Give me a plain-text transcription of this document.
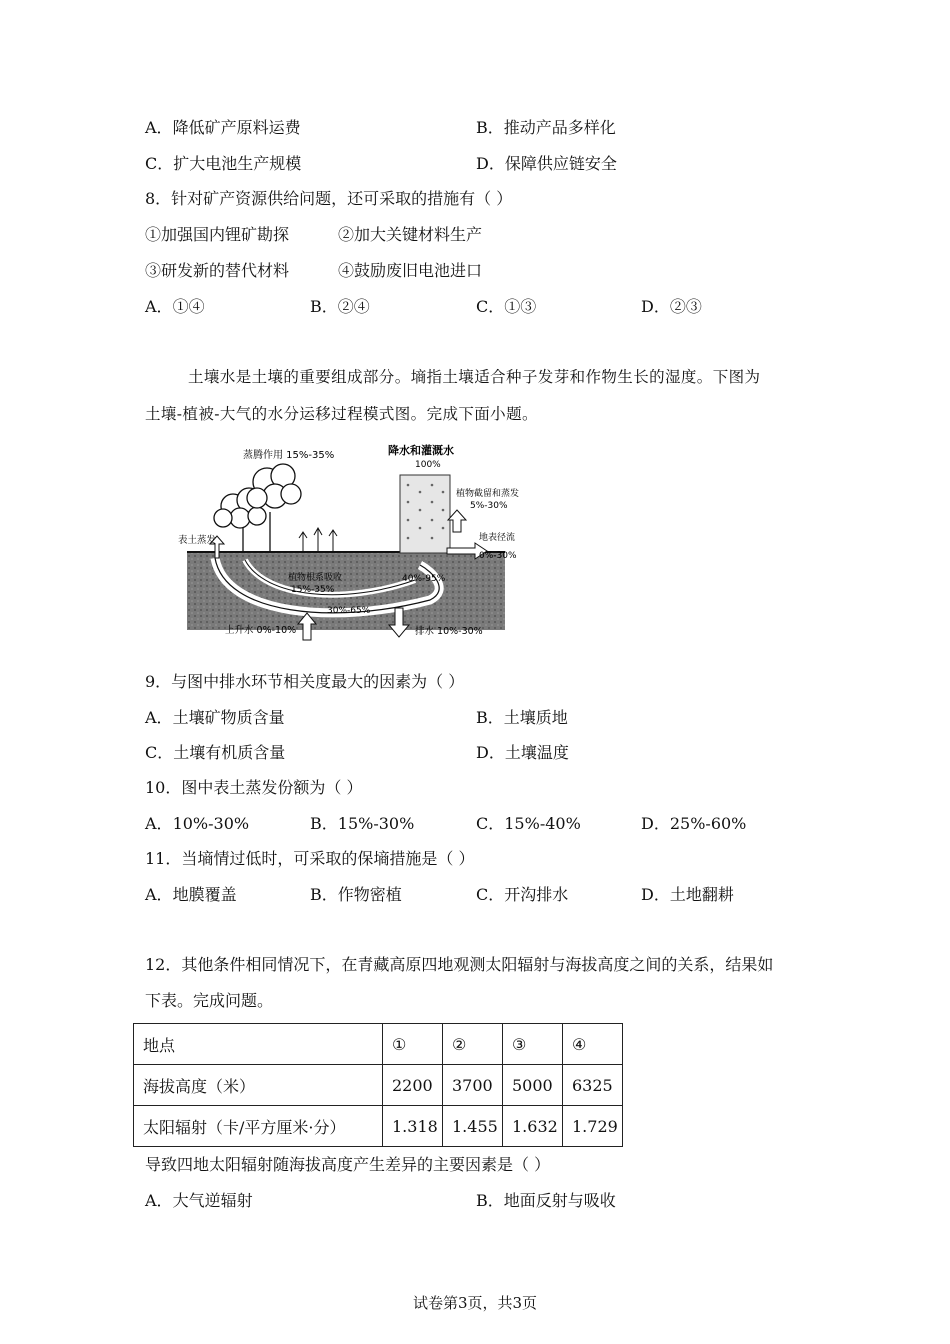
A．降低矿产原料运费	B．推动产品多样化
C．扩大电池生产规模	D．保障供应链安全
8．针对矿产资源供给问题，还可采取的措施有（ ）
①加强国内锂矿勘探	②加大关键材料生产
③研发新的替代材料	④鼓励废旧电池进口
A．①④	B．②④	C．①③	D．②③
土壤水是土壤的重要组成部分。墒指土壤适合种子发芽和作物生长的湿度。下图为
土壤-植被-大气的水分运移过程模式图。完成下面小题。
蒸腾作用 15%-35%	降水和灌溉水
100%
植物截留和蒸发
5%-30%
表土蒸发	地表径流
0%-30%
植物根系吸收
15%-35%
40%-95%
30%-65%
上升水 0%-10%	排水 10%-30%
9．与图中排水环节相关度最大的因素为（ ）
A．土壤矿物质含量	B．土壤质地
C．土壤有机质含量	D．土壤温度
10．图中表土蒸发份额为（ ）
A．10%-30%	B．15%-30%	C．15%-40%	D．25%-60%
11．当墒情过低时，可采取的保墒措施是（ ）
A．地膜覆盖	B．作物密植	C．开沟排水	D．土地翻耕
12．其他条件相同情况下，在青藏高原四地观测太阳辐射与海拔高度之间的关系，结果如
下表。完成问题。
地点	①	②	③	④
海拔高度（米）	2200	3700	5000	6325
太阳辐射（卡/平方厘米·分）	1.318	1.455	1.632	1.729
导致四地太阳辐射随海拔高度产生差异的主要因素是（ ）
A．大气逆辐射	B．地面反射与吸收
试卷第3页，共3页
